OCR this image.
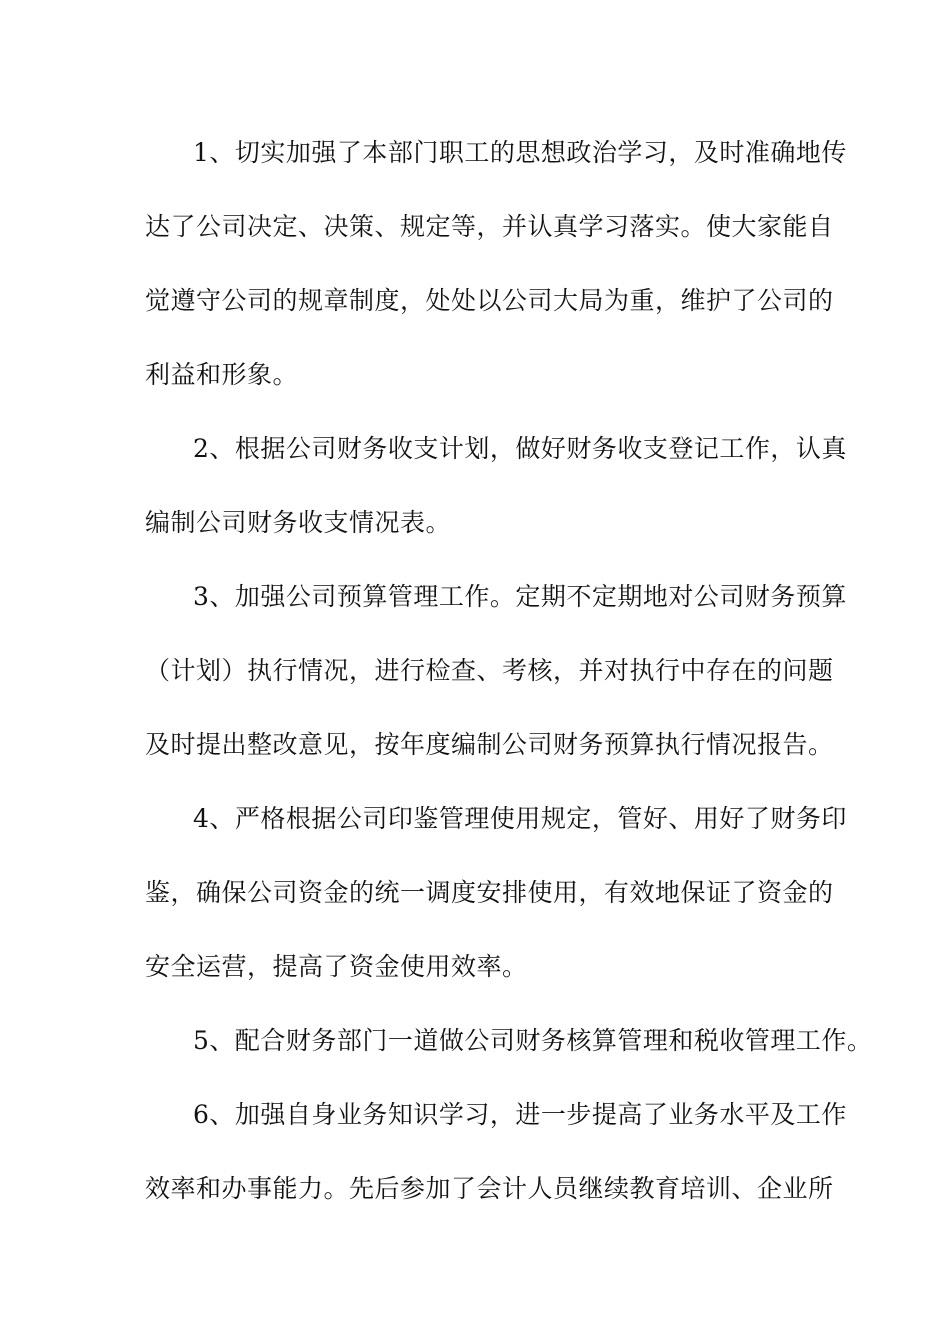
1、切实加强了本部门职工的思想政治学习，及时准确地传
达了公司决定、决策、规定等，并认真学习落实。使大家能自
觉遵守公司的规章制度，处处以公司大局为重，维护了公司的
利益和形象。
2、根据公司财务收支计划，做好财务收支登记工作，认真
编制公司财务收支情况表。
3、加强公司预算管理工作。定期不定期地对公司财务预算
（计划）执行情况，进行检查、考核，并对执行中存在的问题
及时提出整改意见，按年度编制公司财务预算执行情况报告。
4、严格根据公司印鉴管理使用规定，管好、用好了财务印
鉴，确保公司资金的统一调度安排使用，有效地保证了资金的
安全运营，提高了资金使用效率。
5、配合财务部门一道做公司财务核算管理和税收管理工作。
6、加强自身业务知识学习，进一步提高了业务水平及工作
效率和办事能力。先后参加了会计人员继续教育培训、企业所
